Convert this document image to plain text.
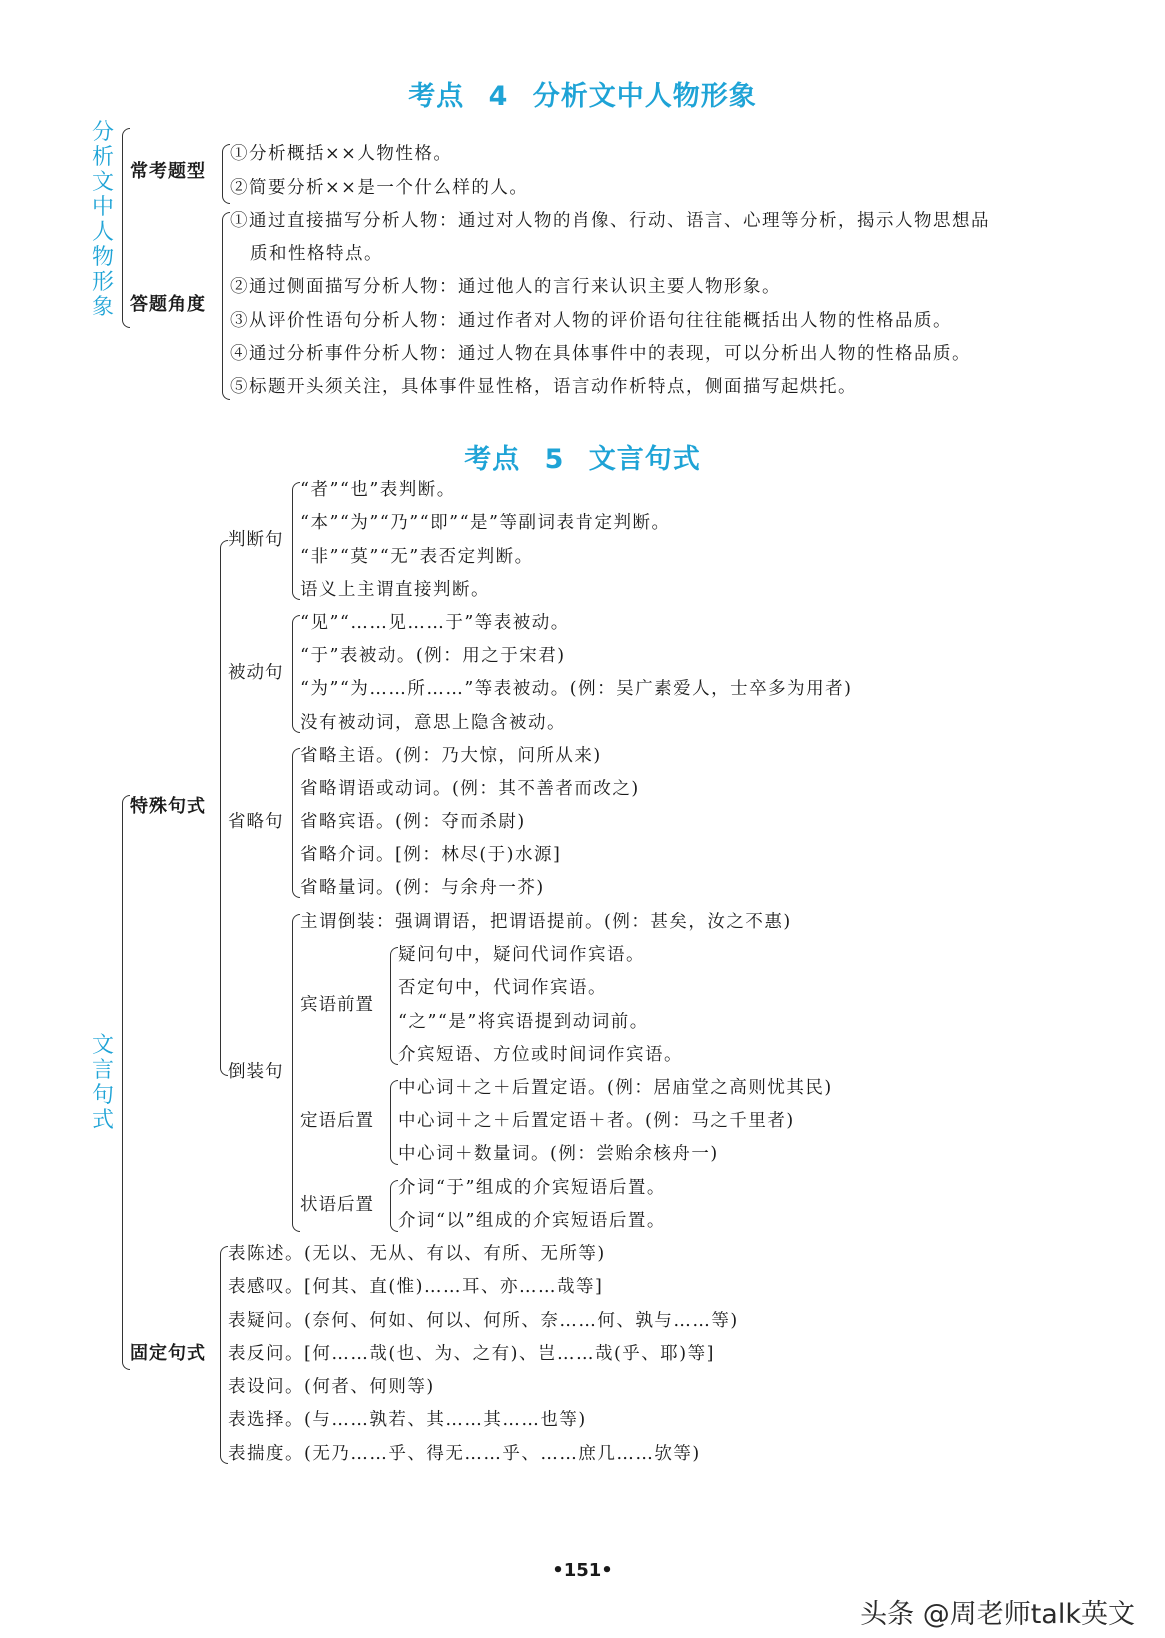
考点 4 分析文中人物形象
分
析
文
中
人
物
形
象
常考题型
①分析概括××人物性格。
②简要分析××是一个什么样的人。
答题角度
①通过直接描写分析人物：通过对人物的肖像、行动、语言、心理等分析，揭示人物思想品
质和性格特点。
②通过侧面描写分析人物：通过他人的言行来认识主要人物形象。
③从评价性语句分析人物：通过作者对人物的评价语句往往能概括出人物的性格品质。
④通过分析事件分析人物：通过人物在具体事件中的表现，可以分析出人物的性格品质。
⑤标题开头须关注，具体事件显性格，语言动作析特点，侧面描写起烘托。
考点 5 文言句式
文
言
句
式
特殊句式
判断句
“者”“也”表判断。
“本”“为”“乃”“即”“是”等副词表肯定判断。
“非”“莫”“无”表否定判断。
语义上主谓直接判断。
被动句
“见”“……见……于”等表被动。
“于”表被动。(例：用之于宋君)
“为”“为……所……”等表被动。(例：吴广素爱人，士卒多为用者)
没有被动词，意思上隐含被动。
省略句
省略主语。(例：乃大惊，问所从来)
省略谓语或动词。(例：其不善者而改之)
省略宾语。(例：夺而杀尉)
省略介词。[例：林尽(于)水源]
省略量词。(例：与余舟一芥)
倒装句
主谓倒装：强调谓语，把谓语提前。(例：甚矣，汝之不惠)
宾语前置
疑问句中，疑问代词作宾语。
否定句中，代词作宾语。
“之”“是”将宾语提到动词前。
介宾短语、方位或时间词作宾语。
定语后置
中心词＋之＋后置定语。(例：居庙堂之高则忧其民)
中心词＋之＋后置定语＋者。(例：马之千里者)
中心词＋数量词。(例：尝贻余核舟一)
状语后置
介词“于”组成的介宾短语后置。
介词“以”组成的介宾短语后置。
固定句式
表陈述。(无以、无从、有以、有所、无所等)
表感叹。[何其、直(惟)……耳、亦……哉等]
表疑问。(奈何、何如、何以、何所、奈……何、孰与……等)
表反问。[何……哉(也、为、之有)、岂……哉(乎、耶)等]
表设问。(何者、何则等)
表选择。(与……孰若、其……其……也等)
表揣度。(无乃……乎、得无……乎、……庶几……欤等)
•151•
头条 @周老师talk英文
